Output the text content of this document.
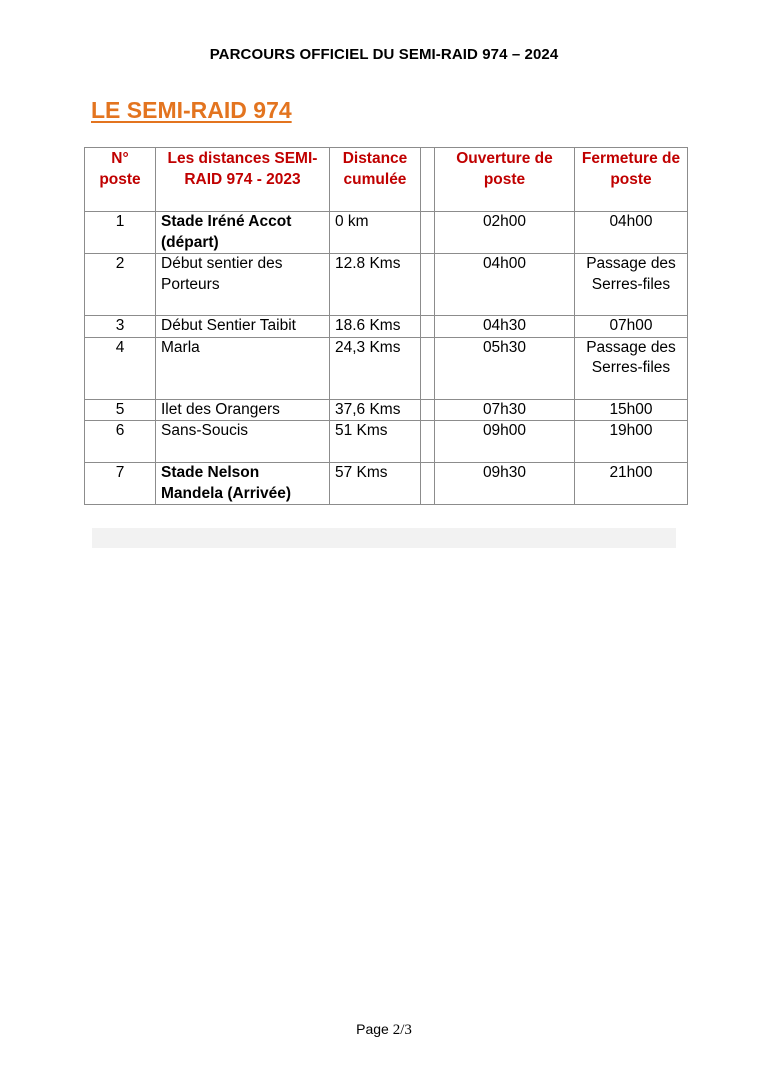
PARCOURS OFFICIEL DU SEMI-RAID 974 – 2024
LE SEMI-RAID 974
N° poste	Les distances SEMI-RAID 974 - 2023	Distance cumulée		Ouverture de poste	Fermeture de poste
1	Stade Iréné Accot (départ)	0 km		02h00	04h00
2	Début sentier des Porteurs	12.8 Kms		04h00	Passage des Serres-files
3	Début Sentier Taibit	18.6 Kms		04h30	07h00
4	Marla	24,3 Kms		05h30	Passage des Serres-files
5	Ilet des Orangers	37,6 Kms		07h30	15h00
6	Sans-Soucis	51 Kms		09h00	19h00
7	Stade Nelson Mandela (Arrivée)	57 Kms		09h30	21h00
Page 2/3
